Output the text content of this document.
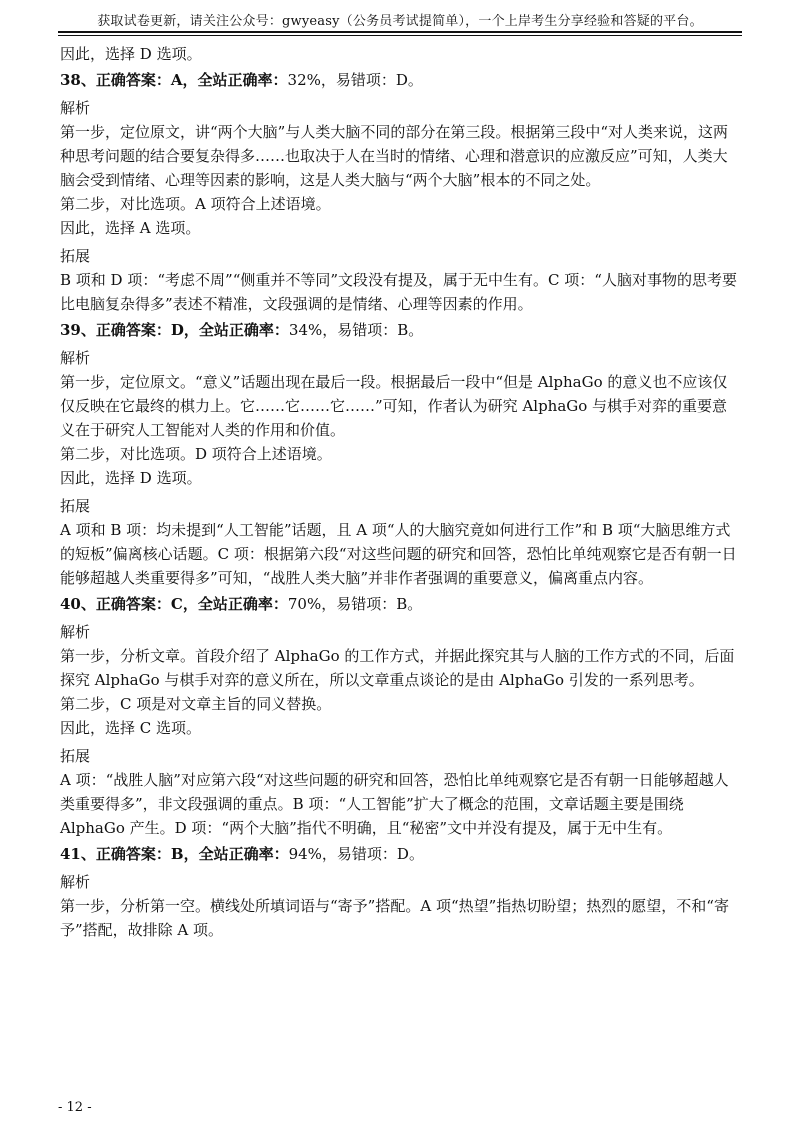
获取试卷更新，请关注公众号：gwyeasy（公务员考试提简单），一个上岸考生分享经验和答疑的平台。

因此，选择 D 选项。

38、正确答案：A，全站正确率：32%，易错项：D。

解析

第一步，定位原文，讲“两个大脑”与人类大脑不同的部分在第三段。根据第三段中“对人类来说，这两种思考问题的结合要复杂得多……也取决于人在当时的情绪、心理和潜意识的应激反应”可知，人类大脑会受到情绪、心理等因素的影响，这是人类大脑与“两个大脑”根本的不同之处。

第二步，对比选项。A 项符合上述语境。

因此，选择 A 选项。

拓展

B 项和 D 项：“考虑不周”“侧重并不等同”文段没有提及，属于无中生有。C 项：“人脑对事物的思考要比电脑复杂得多”表述不精准，文段强调的是情绪、心理等因素的作用。

39、正确答案：D，全站正确率：34%，易错项：B。

解析

第一步，定位原文。“意义”话题出现在最后一段。根据最后一段中“但是 AlphaGo 的意义也不应该仅仅反映在它最终的棋力上。它……它……它……”可知，作者认为研究 AlphaGo 与棋手对弈的重要意义在于研究人工智能对人类的作用和价值。

第二步，对比选项。D 项符合上述语境。

因此，选择 D 选项。

拓展

A 项和 B 项：均未提到“人工智能”话题，且 A 项“人的大脑究竟如何进行工作”和 B 项“大脑思维方式的短板”偏离核心话题。C 项：根据第六段“对这些问题的研究和回答，恐怕比单纯观察它是否有朝一日能够超越人类重要得多”可知，“战胜人类大脑”并非作者强调的重要意义，偏离重点内容。

40、正确答案：C，全站正确率：70%，易错项：B。

解析

第一步，分析文章。首段介绍了 AlphaGo 的工作方式，并据此探究其与人脑的工作方式的不同，后面探究 AlphaGo 与棋手对弈的意义所在，所以文章重点谈论的是由 AlphaGo 引发的一系列思考。

第二步，C 项是对文章主旨的同义替换。

因此，选择 C 选项。

拓展

A 项：“战胜人脑”对应第六段“对这些问题的研究和回答，恐怕比单纯观察它是否有朝一日能够超越人类重要得多”，非文段强调的重点。B 项：“人工智能”扩大了概念的范围，文章话题主要是围绕 AlphaGo 产生。D 项：“两个大脑”指代不明确，且“秘密”文中并没有提及，属于无中生有。

41、正确答案：B，全站正确率：94%，易错项：D。

解析

第一步，分析第一空。横线处所填词语与“寄予”搭配。A 项“热望”指热切盼望；热烈的愿望，不和“寄予”搭配，故排除 A 项。

- 12 -
